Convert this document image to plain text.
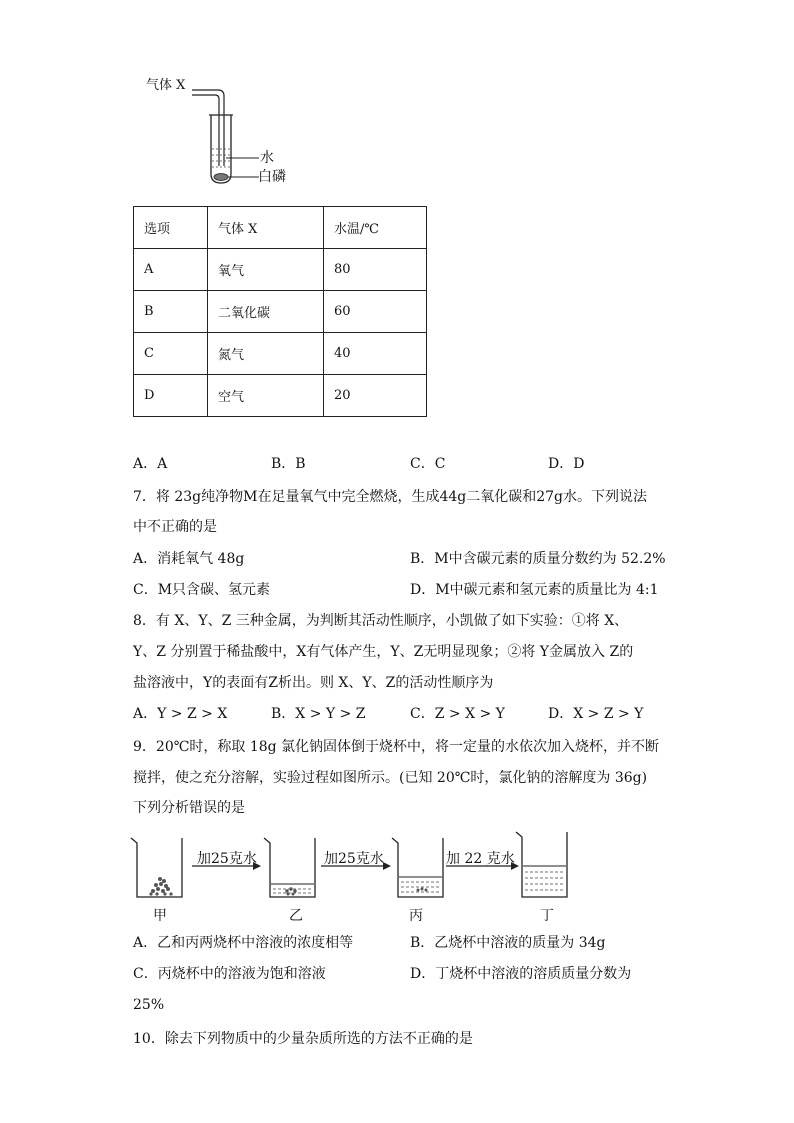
气体 X
水
白磷
选项	气体 X	水温/℃
A	氧气	80
B	二氧化碳	60
C	氮气	40
D	空气	20
A．A	B．B	C．C	D．D
7．将 23g纯净物M在足量氧气中完全燃烧，生成44g二氧化碳和27g水。下列说法
中不正确的是
A．消耗氧气 48g	B．M中含碳元素的质量分数约为 52.2%
C．M只含碳、氢元素	D．M中碳元素和氢元素的质量比为 4:1
8．有 X、Y、Z 三种金属，为判断其活动性顺序，小凯做了如下实验：①将 X、
Y、Z 分别置于稀盐酸中，X有气体产生，Y、Z无明显现象；②将 Y金属放入 Z的
盐溶液中，Y的表面有Z析出。则 X、Y、Z的活动性顺序为
A．Y > Z > X	B．X > Y > Z	C．Z > X > Y	D．X > Z > Y
9．20℃时，称取 18g 氯化钠固体倒于烧杯中，将一定量的水依次加入烧杯，并不断
搅拌，使之充分溶解，实验过程如图所示。(已知 20℃时，氯化钠的溶解度为 36g)
下列分析错误的是
加25克水	加25克水	加 22 克水
甲	乙	丙	丁
A．乙和丙两烧杯中溶液的浓度相等	B．乙烧杯中溶液的质量为 34g
C．丙烧杯中的溶液为饱和溶液	D．丁烧杯中溶液的溶质质量分数为
25%
10．除去下列物质中的少量杂质所选的方法不正确的是
